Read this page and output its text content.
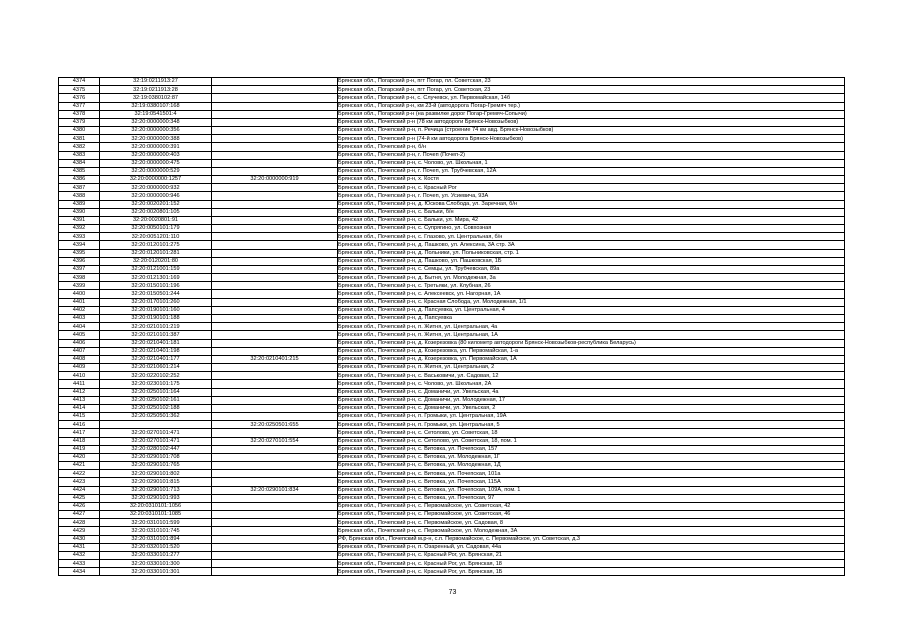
4374	32:19:0211913:27		Брянская обл., Погарский р-н, пгт Погар, пл. Советская, 23
4375	32:19:0211913:28		Брянская обл., Погарский р-н, пгт Погар, ул. Советская, 23
4376	32:19:0380102:87		Брянская обл., Погарский р-н, с. Случевск, ул. Первомайская, 14б
4377	32:19:0380107:168		Брянская обл., Погарский р-н, км 23-й (автодорога Погар-Гремяч тер.)
4378	32:19:0541501:4		Брянская обл., Погарский р-н (на развилке дорог Погар-Гремяч-Сопычи)
4379	32:20:0000000:348		Брянская обл., Почепский р-н (78 км автодороги Брянск-Новозыбков)
4380	32:20:0000000:356		Брянская обл., Почепский р-н, п. Речица (строение 74 км авд. Брянск-Новозыбков)
4381	32:20:0000000:388		Брянская обл., Почепский р-н (74-й км автодорога Брянск-Новозыбков)
4382	32:20:0000000:391		Брянская обл., Почепский р-н, б/н
4383	32:20:0000000:403		Брянская обл., Почепский р-н, г. Почеп (Почеп-2)
4384	32:20:0000000:475		Брянская обл., Почепский р-н, с. Чолово, ул. Школьная, 1
4385	32:20:0000000:529		Брянская обл., Почепский р-н, г. Почеп, ул. Трубчевская, 12А
4386	32:20:0000000:1257	32:20:0000000:919	Брянская обл., Почепский р-н, х. Костя
4387	32:20:0000000:932		Брянская обл., Почепский р-н, с. Красный Рог
4388	32:20:0000000:946		Брянская обл., Почепский р-н, г. Почеп, ул. Усиевича, 93А
4389	32:20:0020201:152		Брянская обл., Почепский р-н, д. Юскова Слобода, ул. Заречная, б/н
4390	32:20:0020801:105		Брянская обл., Почепский р-н, с. Бальки, б/н
4391	32:20:0020801:91		Брянская обл., Почепский р-н, с. Бальки, ул. Мира, 42
4392	32:20:0050101:179		Брянская обл., Почепский р-н, с. Супрягино, ул. Совхозная
4393	32:20:0051201:110		Брянская обл., Почепский р-н, с. Глазово, ул. Центральная, б/н
4394	32:20:0120101:275		Брянская обл., Почепский р-н, д. Пашково, ул. Алексина, 3А стр. 3А
4395	32:20:0120101:281		Брянская обл., Почепский р-н, д. Польники, ул. Польниковская, стр. 1
4396	32:20:0120201:80		Брянская обл., Почепский р-н, д. Пашково, ул. Пашковская, 1Б
4397	32:20:0121001:159		Брянская обл., Почепский р-н, с. Семцы, ул. Трубчевская, 89а
4398	32:20:0121301:169		Брянская обл., Почепский р-н, д. Бытня, ул. Молодежная, 3а
4399	32:20:0150101:196		Брянская обл., Почепский р-н, с. Третьяки, ул. Клубная, 26
4400	32:20:0150501:244		Брянская обл., Почепский р-н, с. Алексеевск, ул. Нагорная, 1А
4401	32:20:0170101:260		Брянская обл., Почепский р-н, с. Красная Слобода, ул. Молодежная, 1/1
4402	32:20:0190101:160		Брянская обл., Почепский р-н, д. Папсуевка, ул. Центральная, 4
4403	32:20:0190101:188		Брянская обл., Почепский р-н, д. Папсуевка
4404	32:20:0210101:219		Брянская обл., Почепский р-н, п. Житня, ул. Центральная, 4а
4405	32:20:0210101:387		Брянская обл., Почепский р-н, п. Житня, ул. Центральная, 1А
4406	32:20:0210401:181		Брянская обл., Почепский р-н, д. Козерезовка (80 километр автодороги Брянск-Новозыбков-республика Беларусь)
4407	32:20:0210401:198		Брянская обл., Почепский р-н, д. Козерезовка, ул. Первомайская, 1-а
4408	32:20:0210401:177	32:20:0210401:215	Брянская обл., Почепский р-н, д. Козерезовка, ул. Первомайская, 1А
4409	32:20:0210601:214		Брянская обл., Почепский р-н, п. Житня, ул. Центральная, 2
4410	32:20:0220102:252		Брянская обл., Почепский р-н, с. Васьковичи, ул. Садовая, 12
4411	32:20:0230101:175		Брянская обл., Почепский р-н, с. Чолово, ул. Школьная, 2А
4412	32:20:0250101:164		Брянская обл., Почепский р-н, с. Доманичи, ул. Увельская, 4а
4413	32:20:0250102:161		Брянская обл., Почепский р-н, с. Доманичи, ул. Молодежная, 17
4414	32:20:0250102:188		Брянская обл., Почепский р-н, с. Доманичи, ул. Увельская, 2
4415	32:20:0250501:362		Брянская обл., Почепский р-н, п. Громыки, ул. Центральная, 19А
4416		32:20:0250501:655	Брянская обл., Почепский р-н, п. Громыки, ул. Центральная, 5
4417	32:20:0270101:471		Брянская обл., Почепский р-н, с. Сетолово, ул. Советская, 18
4418	32:20:0270101:471	32:20:0270101:554	Брянская обл., Почепский р-н, с. Сетолово, ул. Советская, 18, пом. 1
4419	32:20:0280102:447		Брянская обл., Почепский р-н, с. Витовка, ул. Почепская, 157
4420	32:20:0290101:708		Брянская обл., Почепский р-н, с. Витовка, ул. Молодежная, 1Г
4421	32:20:0290101:765		Брянская обл., Почепский р-н, с. Витовка, ул. Молодежная, 1Д
4422	32:20:0290101:802		Брянская обл., Почепский р-н, с. Витовка, ул. Почепская, 101а
4423	32:20:0290101:815		Брянская обл., Почепский р-н, с. Витовка, ул. Почепская, 115А
4424	32:20:0290101:713	32:20:0290101:834	Брянская обл., Почепский р-н, с. Витовка, ул. Почепская, 109А, пом. 1
4425	32:20:0290101:993		Брянская обл., Почепский р-н, с. Витовка, ул. Почепская, 97
4426	32:20:0310101:1056		Брянская обл., Почепский р-н, с. Первомайское, ул. Советская, 42
4427	32:20:0310101:1085		Брянская обл., Почепский р-н, с. Первомайское, ул. Советская, 46
4428	32:20:0310101:599		Брянская обл., Почепский р-н, с. Первомайское, ул. Садовая, 8
4429	32:20:0310101:745		Брянская обл., Почепский р-н, с. Первомайское, ул. Молодежная, 3А
4430	32:20:0310101:894		РФ, Брянская обл., Почепский м.р-н, с.п. Первомайское, с. Первомайское, ул. Советская, д.3
4431	32:20:0320101:520		Брянская обл., Почепский р-н, п. Озаренный, ул. Садовая, 44а
4432	32:20:0330101:277		Брянская обл., Почепский р-н, с. Красный Рог, ул. Брянская, 21
4433	32:20:0330101:300		Брянская обл., Почепский р-н, с. Красный Рог, ул. Брянская, 18
4434	32:20:0330101:301		Брянская обл., Почепский р-н, с. Красный Рог, ул. Брянская, 1Б
73
